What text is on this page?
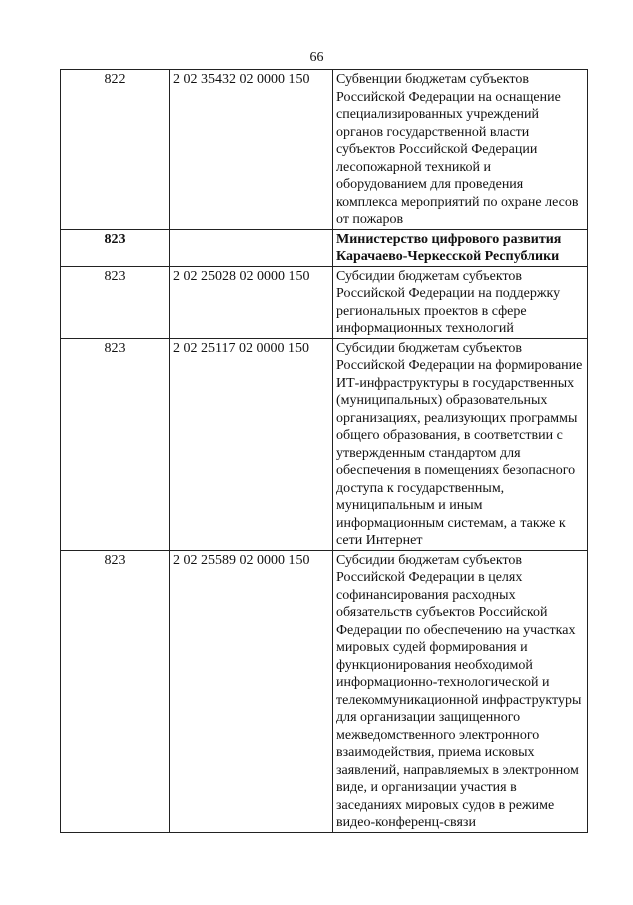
66
822	2 02 35432 02 0000 150	Субвенции бюджетам субъектов Российской Федерации на оснащение специализированных учреждений органов государственной власти субъектов Российской Федерации лесопожарной техникой и оборудованием для проведения комплекса мероприятий по охране лесов от пожаров
823		Министерство цифрового развития Карачаево-Черкесской Республики
823	2 02 25028 02 0000 150	Субсидии бюджетам субъектов Российской Федерации на поддержку региональных проектов в сфере информационных технологий
823	2 02 25117 02 0000 150	Субсидии бюджетам субъектов Российской Федерации на формирование ИТ-инфраструктуры в государственных (муниципальных) образовательных организациях, реализующих программы общего образования, в соответствии с утвержденным стандартом для обеспечения в помещениях безопасного доступа к государственным, муниципальным и иным информационным системам, а также к сети Интернет
823	2 02 25589 02 0000 150	Субсидии бюджетам субъектов Российской Федерации в целях софинансирования расходных обязательств субъектов Российской Федерации по обеспечению на участках мировых судей формирования и функционирования необходимой информационно-технологической и телекоммуникационной инфраструктуры для организации защищенного межведомственного электронного взаимодействия, приема исковых заявлений, направляемых в электронном виде, и организации участия в заседаниях мировых судов в режиме видео-конференц-связи
